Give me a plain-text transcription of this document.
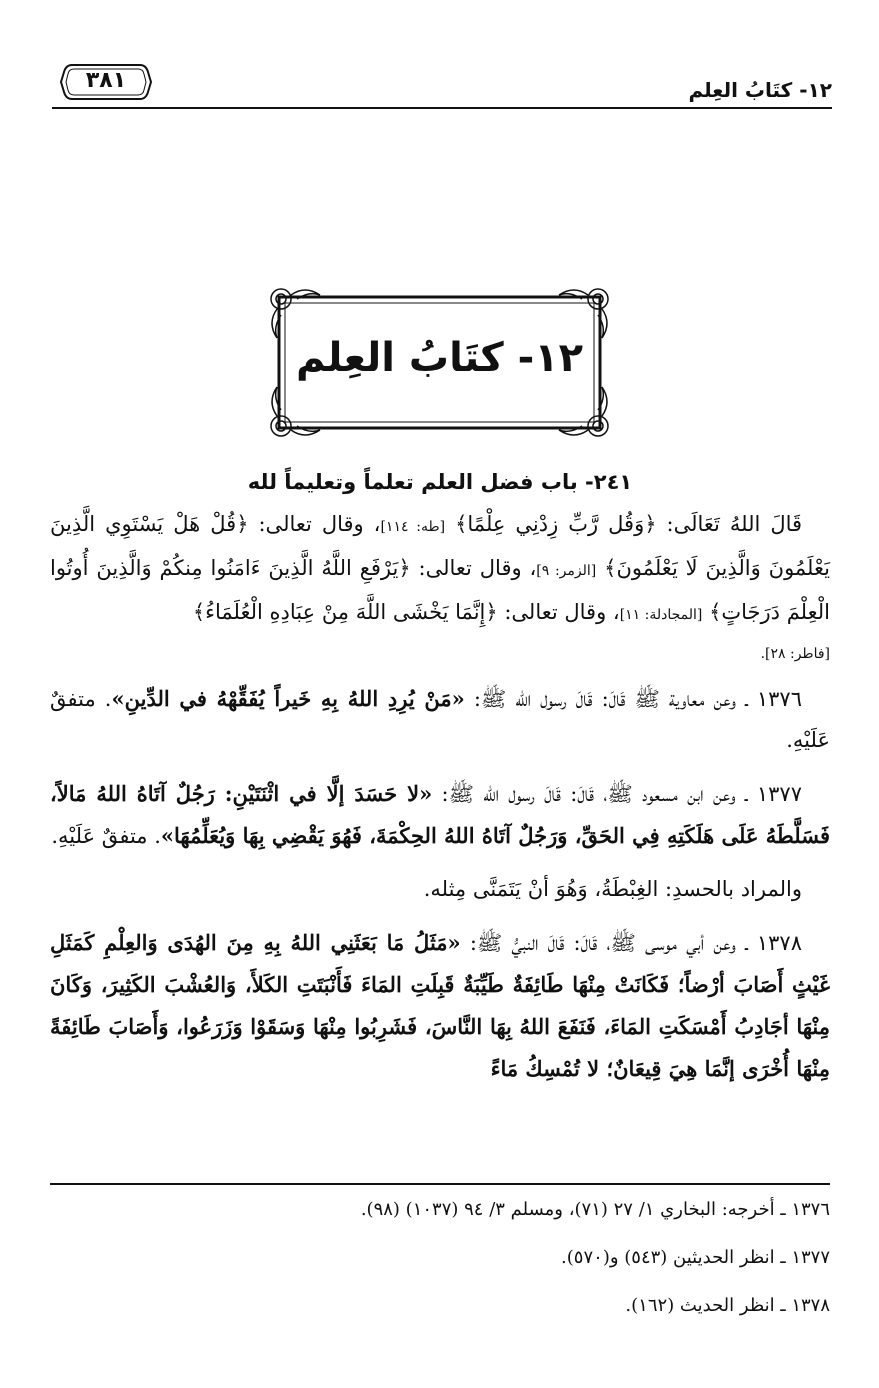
٣٨١	١٢- كتَابُ العِلم
١٢- كتَابُ العِلم
٢٤١- باب فضل العلم تعلماً وتعليماً لله

قَالَ اللهُ تَعَالَى: ﴿وَقُل رَّبِّ زِدْنِي عِلْمًا﴾ [طه: ١١٤]، وقال تعالى: ﴿قُلْ هَلْ يَسْتَوِي الَّذِينَ يَعْلَمُونَ وَالَّذِينَ لَا يَعْلَمُونَ﴾ [الزمر: ٩]، وقال تعالى: ﴿يَرْفَعِ اللَّهُ الَّذِينَ ءَامَنُوا مِنكُمْ وَالَّذِينَ أُوتُوا الْعِلْمَ دَرَجَاتٍ﴾ [المجادلة: ١١]، وقال تعالى: ﴿إِنَّمَا يَخْشَى اللَّهَ مِنْ عِبَادِهِ الْعُلَمَاءُ﴾

[فاطر: ٢٨].

١٣٧٦ ـ وعن معاوية ﷺ قَالَ: قَالَ رسول الله ﷺ: «مَنْ يُرِدِ اللهُ بِهِ خَيراً يُفَقِّهْهُ في الدِّينِ». متفقٌ عَلَيْهِ.

١٣٧٧ ـ وعن ابن مسعود ﷺ، قَالَ: قَالَ رسول الله ﷺ: «لا حَسَدَ إلَّا في اثْنَتَيْنِ: رَجُلٌ آتَاهُ اللهُ مَالاً، فَسَلَّطَهُ عَلَى هَلَكَتِهِ فِي الحَقِّ، وَرَجُلٌ آتَاهُ اللهُ الحِكْمَةَ، فَهُوَ يَقْضِي بِهَا وَيُعَلِّمُهَا». متفقٌ عَلَيْهِ.

والمراد بالحسدِ: الغِبْطَةُ، وَهُوَ أنْ يَتَمَنَّى مِثله.

١٣٧٨ ـ وعن أبي موسى ﷺ، قَالَ: قَالَ النبيُّ ﷺ: «مَثَلُ مَا بَعَثَنِي اللهُ بِهِ مِنَ الهُدَى وَالعِلْمِ كَمَثَلِ غَيْثٍ أَصَابَ أرْضاً؛ فَكَانَتْ مِنْهَا طَائِفَةٌ طَيِّبَةٌ قَبِلَتِ المَاءَ فَأَنْبَتَتِ الكَلأَ، وَالعُشْبَ الكَثِيرَ، وَكَانَ مِنْهَا أجَادِبُ أَمْسَكَتِ المَاءَ، فَنَفَعَ اللهُ بِهَا النَّاسَ، فَشَرِبُوا مِنْهَا وَسَقَوْا وَزَرَعُوا، وَأَصَابَ طَائِفَةً مِنْهَا أُخْرَى إنَّمَا هِيَ قِيعَانٌ؛ لا تُمْسِكُ مَاءً

١٣٧٦ ـ أخرجه: البخاري ١/ ٢٧ (٧١)، ومسلم ٣/ ٩٤ (١٠٣٧) (٩٨).
١٣٧٧ ـ انظر الحديثين (٥٤٣) و(٥٧٠).
١٣٧٨ ـ انظر الحديث (١٦٢).
